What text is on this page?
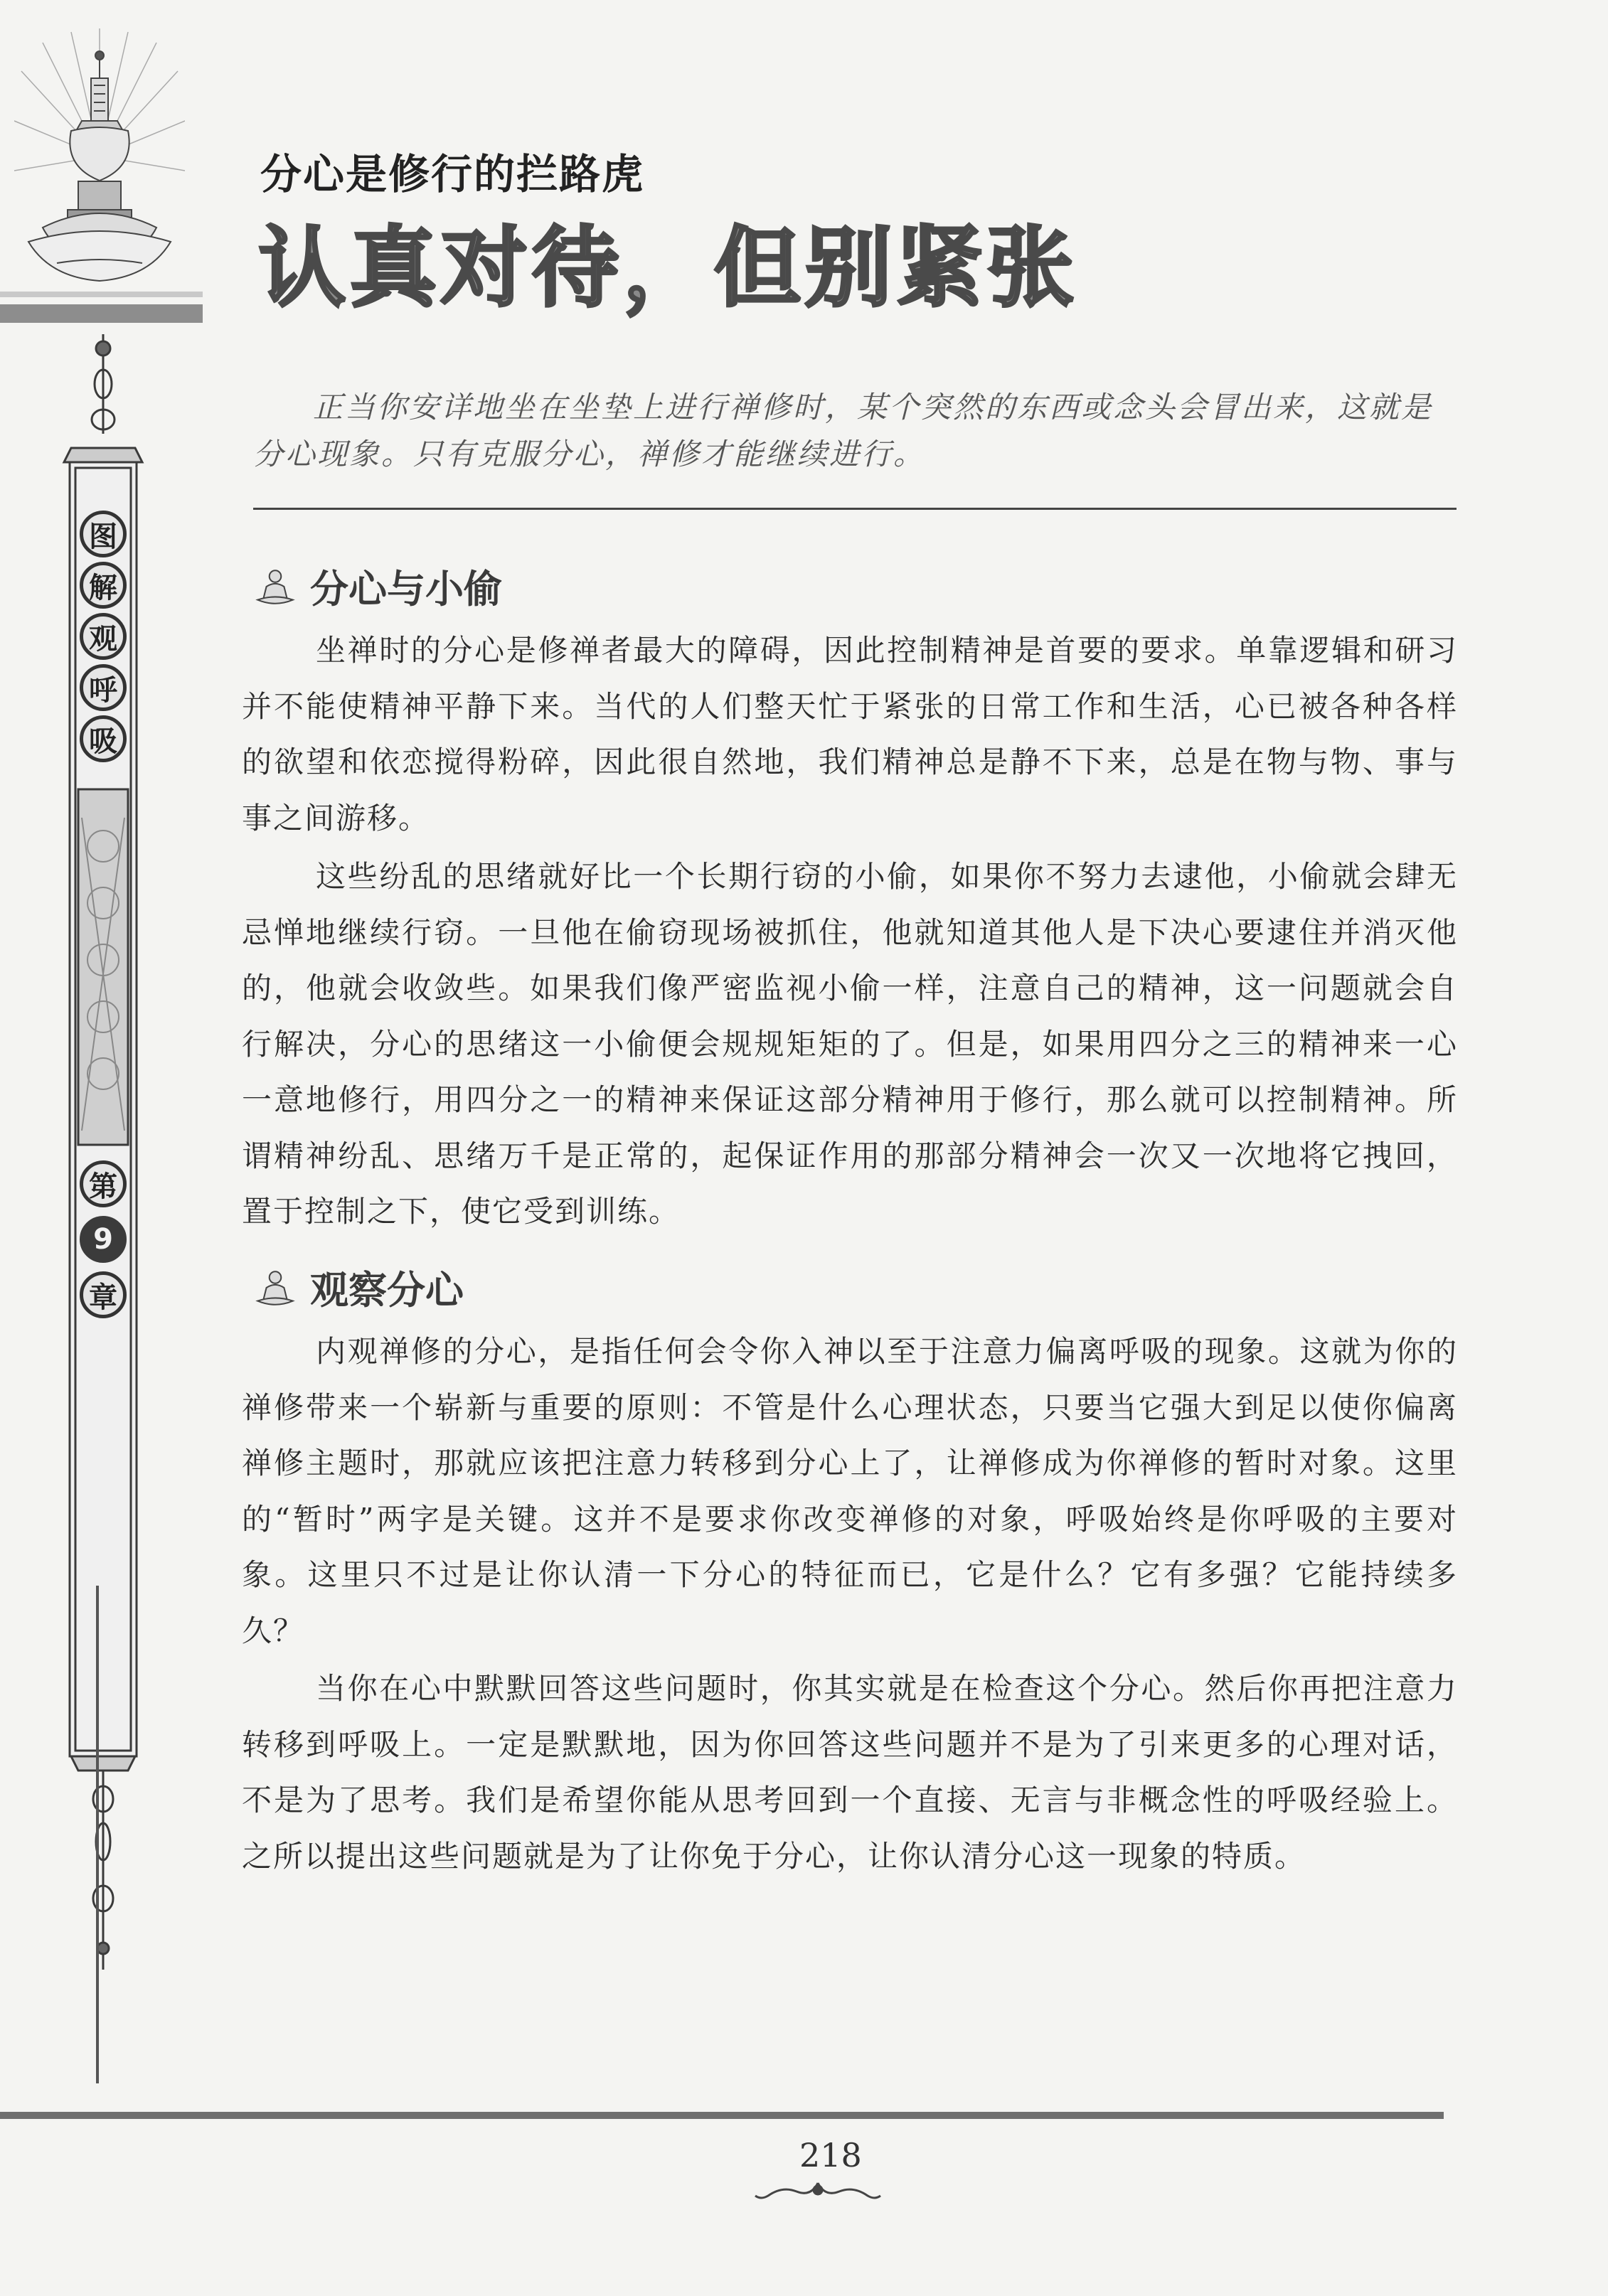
图
解
观
呼
吸
第
9
章
分心是修行的拦路虎
认真对待，但别紧张
正当你安详地坐在坐垫上进行禅修时，某个突然的东西或念头会冒出来，这就是分心现象。只有克服分心，禅修才能继续进行。
分心与小偷
坐禅时的分心是修禅者最大的障碍，因此控制精神是首要的要求。单靠逻辑和研习并不能使精神平静下来。当代的人们整天忙于紧张的日常工作和生活，心已被各种各样的欲望和依恋搅得粉碎，因此很自然地，我们精神总是静不下来，总是在物与物、事与事之间游移。
这些纷乱的思绪就好比一个长期行窃的小偷，如果你不努力去逮他，小偷就会肆无忌惮地继续行窃。一旦他在偷窃现场被抓住，他就知道其他人是下决心要逮住并消灭他的，他就会收敛些。如果我们像严密监视小偷一样，注意自己的精神，这一问题就会自行解决，分心的思绪这一小偷便会规规矩矩的了。但是，如果用四分之三的精神来一心一意地修行，用四分之一的精神来保证这部分精神用于修行，那么就可以控制精神。所谓精神纷乱、思绪万千是正常的，起保证作用的那部分精神会一次又一次地将它拽回，置于控制之下，使它受到训练。
观察分心
内观禅修的分心，是指任何会令你入神以至于注意力偏离呼吸的现象。这就为你的禅修带来一个崭新与重要的原则：不管是什么心理状态，只要当它强大到足以使你偏离禅修主题时，那就应该把注意力转移到分心上了，让禅修成为你禅修的暂时对象。这里的“暂时”两字是关键。这并不是要求你改变禅修的对象，呼吸始终是你呼吸的主要对象。这里只不过是让你认清一下分心的特征而已，它是什么？它有多强？它能持续多久？
当你在心中默默回答这些问题时，你其实就是在检查这个分心。然后你再把注意力转移到呼吸上。一定是默默地，因为你回答这些问题并不是为了引来更多的心理对话，不是为了思考。我们是希望你能从思考回到一个直接、无言与非概念性的呼吸经验上。之所以提出这些问题就是为了让你免于分心，让你认清分心这一现象的特质。
218
